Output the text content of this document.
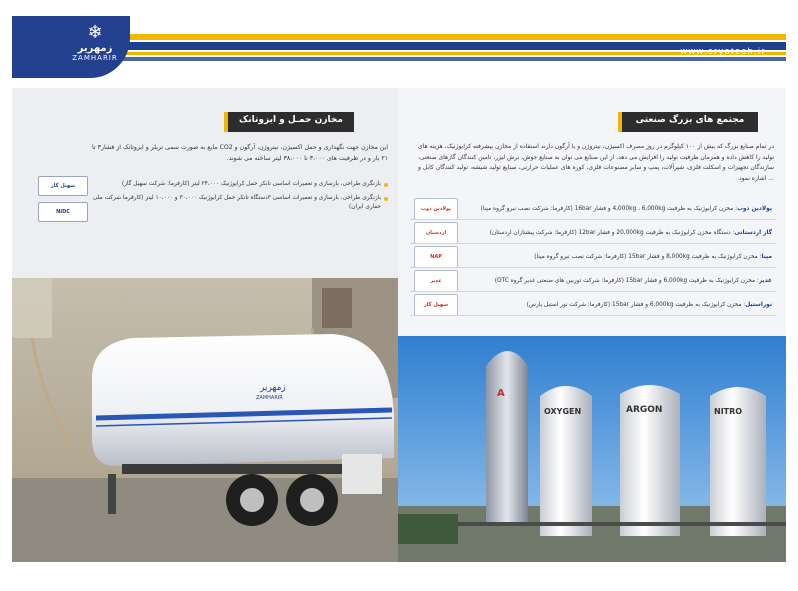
❄
زمهریر
ZAMHARIR
www.cryotech.ir
مخازن حمـل و ایزوتانک
این مخازن جهت نگهداری و حمل اکسیژن، نیتروژن، آرگون و CO2 مایع به صورت سمی تریلر و ایزوتانک از فشار۳ تا ۲۱ بار و در ظرفیت های ۳،۰۰۰ تا ۳۸،۰۰۰ لیتر ساخته می شوند.
بازنگری طراحی، بازسازی و تعمیرات اساسی تانکر حمل کرایوژنیک ۲۴،۰۰۰ لیتر (کارفرما: شرکت سهیل گاز)
بازنگری طراحی، بازسازی و تعمیرات اساسی ۳دستگاه تانکر حمل کرایوژنیک ۳۰،۰۰۰ و ۱۰،۰۰۰ لیتر (کارفرما شرکت ملی حفاری ایران)
سهیل گاز
NIDC
زمهریر
ZAMHARIR
مجتمع های بزرگ صنعتی
در تمام صنایع بزرگ که بیش از ۱۰۰ کیلوگرم در روز مصرف اکسیژن، نیتروژن و یا آرگون دارند استفاده از مخازن پیشرفته کرایوژنیک، هزینه های تولید را کاهش داده و همزمان ظرفیت تولید را افزایش می دهد. از این صنایع می توان به صنایع جوش، برش لیزر، تامین کنندگان گازهای صنعتی، سازندگان تجهیزات و اسکلت فلزی، شیرآلات، پمپ و سایر مصنوعات فلزی، کوره های عملیات حرارتی، صنایع تولید شیشه، تولید کنندگان کابل و ... اشاره نمود.
پولادین ذوب: مخزن کرایوژنیک به ظرفیت 4,000kg ، 6,000kg و فشار 16bar (کارفرما: شرکت نصب نیرو گروه مپنا)
پولادین ذوب
گاز اردستانی: دستگاه مخزن کرایوژنیک به ظرفیت 20,000kg و فشار 12bar (کارفرما: شرکت پیشتازان اردستان)
اردستان
مپنا: مخزن کرایوژنیک به ظرفیت 8,000kg و فشار 15bar (کارفرما: شرکت نصب نیرو گروه مپنا)
NAP
غدیر: مخزن کرایوژنیک به ظرفیت 6,000kg و فشار 15bar (کارفرما: شرکت توربین های صنعتی غدیر گروه OTC)
غدیر
نوراستیل: مخزن کرایوژنیک به ظرفیت 6,000kg و فشار 15bar (کارفرما: شرکت نور استیل پارس)
سهیل گاز
A
OXYGEN	ARGON	NITRO
